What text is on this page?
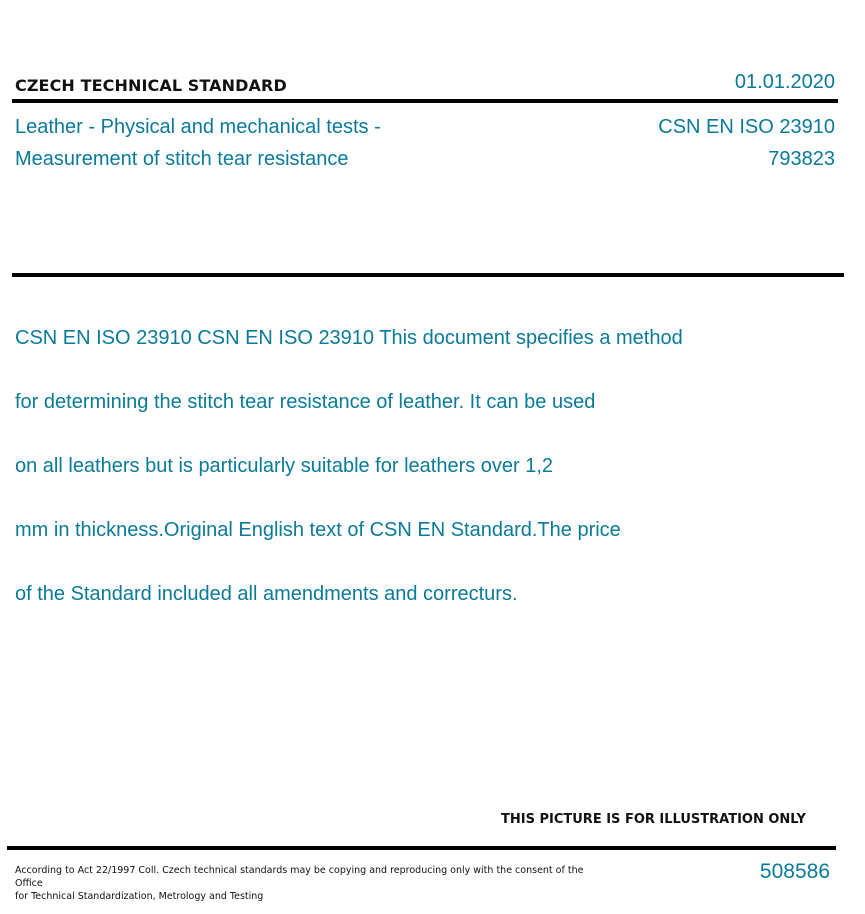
CZECH TECHNICAL STANDARD	01.01.2020
Leather - Physical and mechanical tests -
Measurement of stitch tear resistance
CSN EN ISO 23910
793823

CSN EN ISO 23910 CSN EN ISO 23910 This document specifies a method

for determining the stitch tear resistance of leather. It can be used

on all leathers but is particularly suitable for leathers over 1,2

mm in thickness.Original English text of CSN EN Standard.The price

of the Standard included all amendments and correcturs.

THIS PICTURE IS FOR ILLUSTRATION ONLY
According to Act 22/1997 Coll. Czech technical standards may be copying and reproducing only with the consent of the Office
for Technical Standardization, Metrology and Testing
508586
